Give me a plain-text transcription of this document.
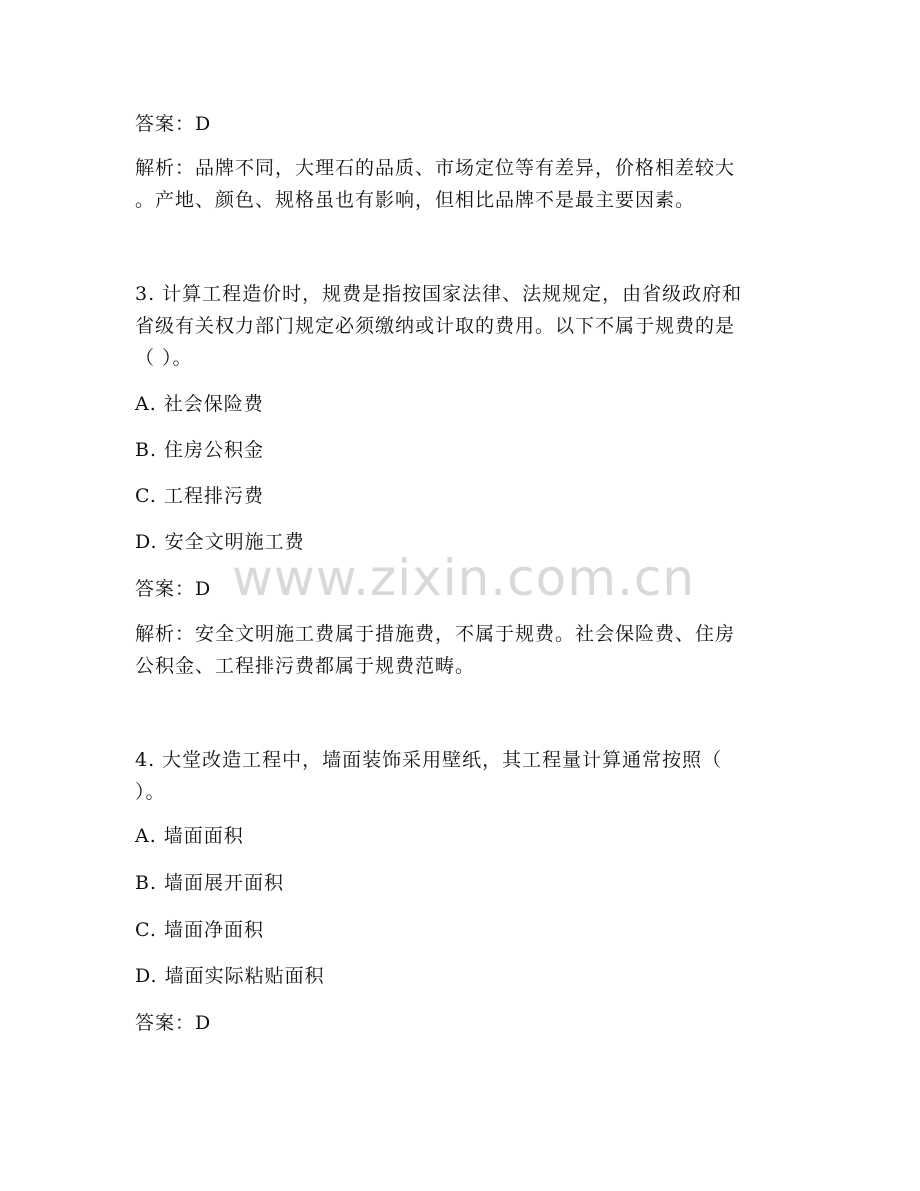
答案：D
解析：品牌不同，大理石的品质、市场定位等有差异，价格相差较大
。产地、颜色、规格虽也有影响，但相比品牌不是最主要因素。
3. 计算工程造价时，规费是指按国家法律、法规规定，由省级政府和
省级有关权力部门规定必须缴纳或计取的费用。以下不属于规费的是
（ ）。
A. 社会保险费
B. 住房公积金
C. 工程排污费
D. 安全文明施工费
答案：D
解析：安全文明施工费属于措施费，不属于规费。社会保险费、住房
公积金、工程排污费都属于规费范畴。
4. 大堂改造工程中，墙面装饰采用壁纸，其工程量计算通常按照（
）。
A. 墙面面积
B. 墙面展开面积
C. 墙面净面积
D. 墙面实际粘贴面积
答案：D
www.zixin.com.cn
